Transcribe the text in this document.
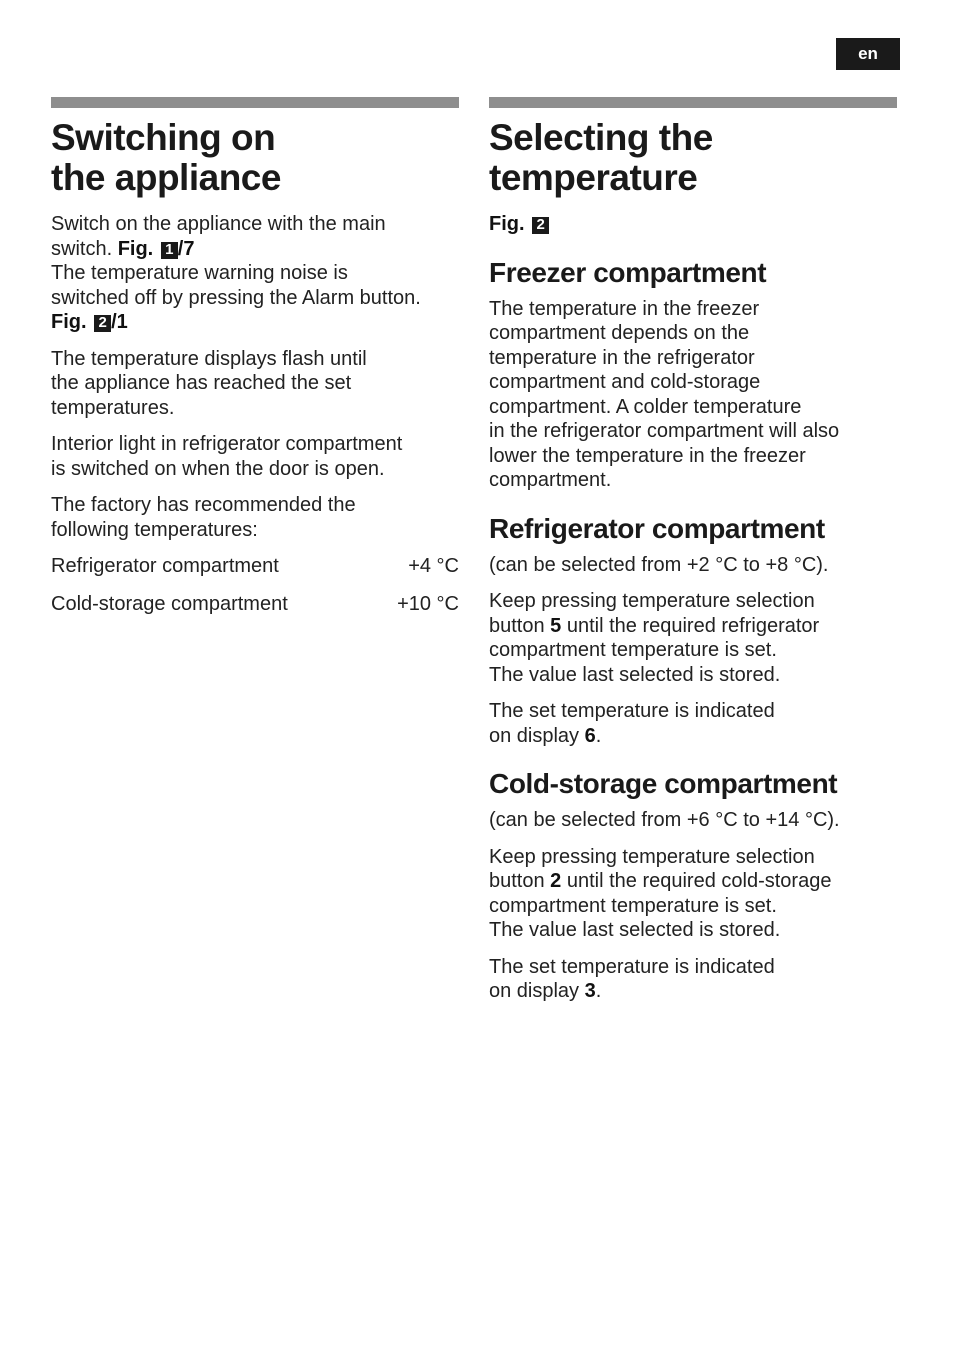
en
Switching on
the appliance

Switch on the appliance with the main
switch. Fig. 1 /7
The temperature warning noise is
switched off by pressing the Alarm button.
Fig. 2 /1

The temperature displays flash until
the appliance has reached the set
temperatures.

Interior light in refrigerator compartment
is switched on when the door is open.

The factory has recommended the
following temperatures:

Refrigerator compartment	+4 °C
Cold-storage compartment	+10 °C
Selecting the
temperature

Fig. 2

Freezer compartment

The temperature in the freezer
compartment depends on the
temperature in the refrigerator
compartment and cold-storage
compartment. A colder temperature
in the refrigerator compartment will also
lower the temperature in the freezer
compartment.

Refrigerator compartment

(can be selected from +2 °C to +8 °C).

Keep pressing temperature selection
button 5 until the required refrigerator
compartment temperature is set.
The value last selected is stored.

The set temperature is indicated
on display 6.

Cold-storage compartment

(can be selected from +6 °C to +14 °C).

Keep pressing temperature selection
button 2 until the required cold-storage
compartment temperature is set.
The value last selected is stored.

The set temperature is indicated
on display 3.
